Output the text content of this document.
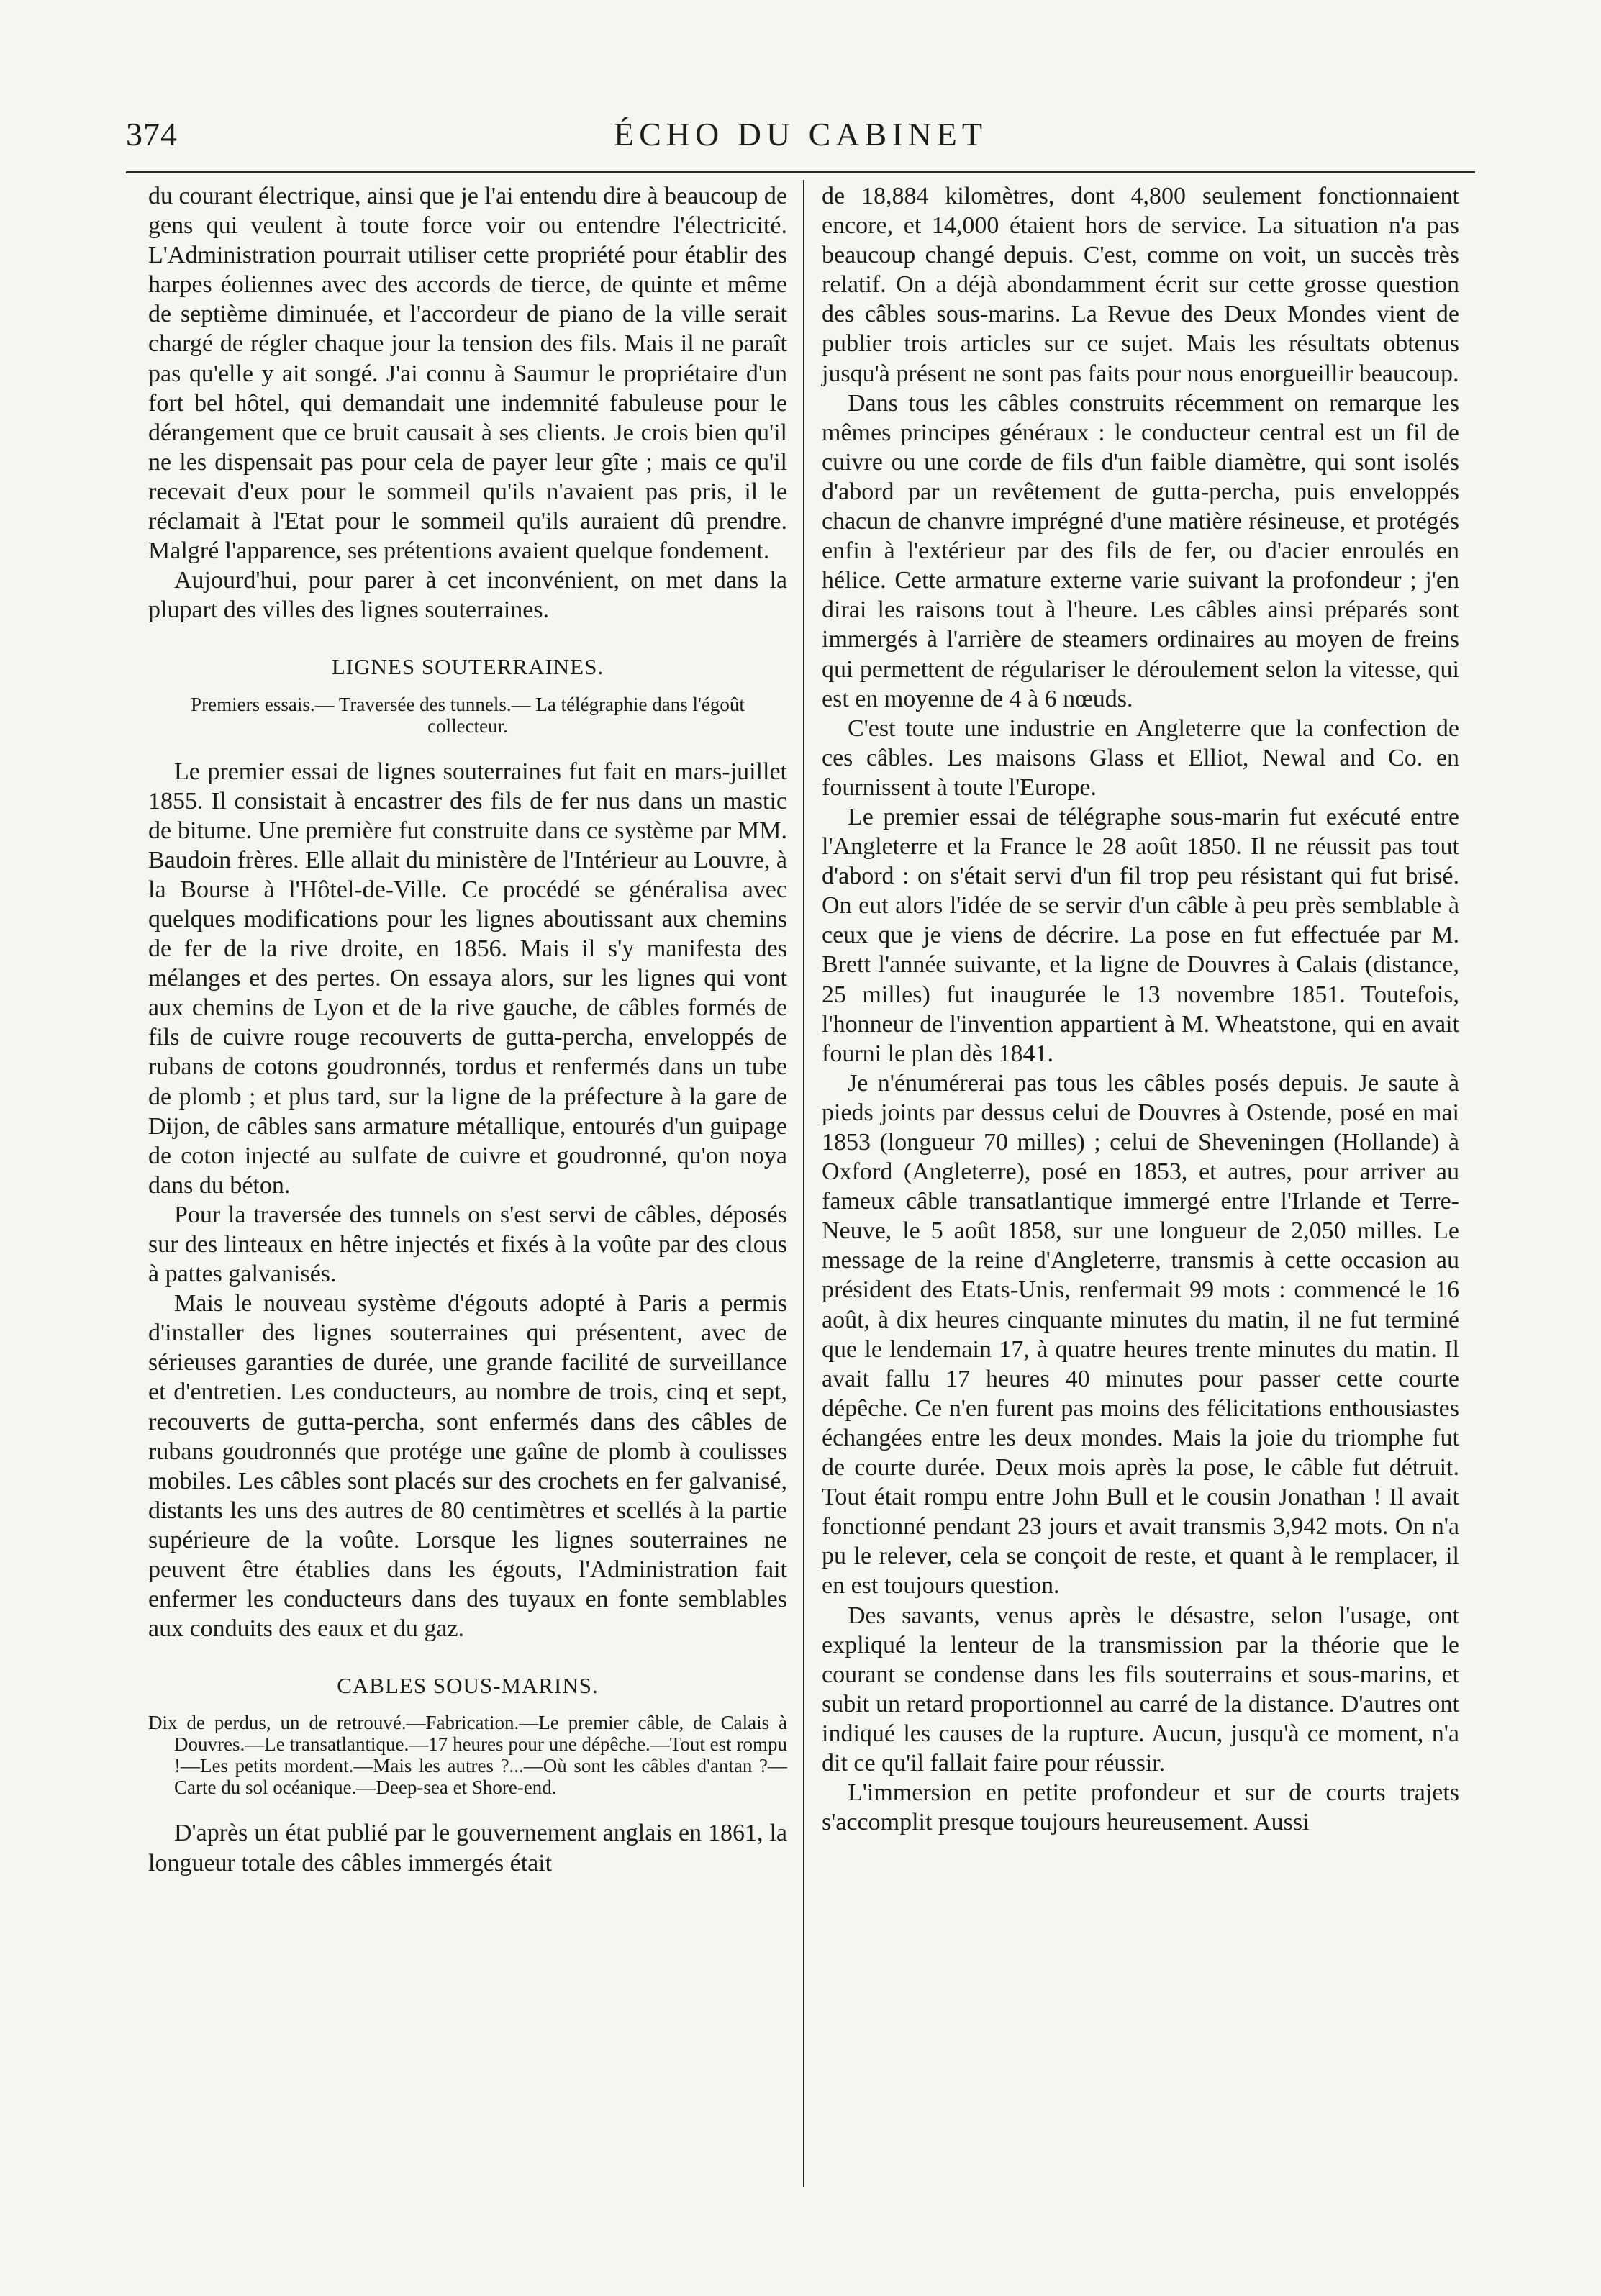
374	ÉCHO DU CABINET

du courant électrique, ainsi que je l'ai entendu dire à beaucoup de gens qui veulent à toute force voir ou entendre l'électricité. L'Administration pourrait utiliser cette propriété pour établir des harpes éoliennes avec des accords de tierce, de quinte et même de septième diminuée, et l'accordeur de piano de la ville serait chargé de régler chaque jour la tension des fils. Mais il ne paraît pas qu'elle y ait songé. J'ai connu à Saumur le propriétaire d'un fort bel hôtel, qui demandait une indemnité fabuleuse pour le dérangement que ce bruit causait à ses clients. Je crois bien qu'il ne les dispensait pas pour cela de payer leur gîte ; mais ce qu'il recevait d'eux pour le sommeil qu'ils n'avaient pas pris, il le réclamait à l'Etat pour le sommeil qu'ils auraient dû prendre. Malgré l'apparence, ses prétentions avaient quelque fondement.

Aujourd'hui, pour parer à cet inconvénient, on met dans la plupart des villes des lignes souterraines.

LIGNES SOUTERRAINES.
Premiers essais.— Traversée des tunnels.— La télégraphie dans l'égoût collecteur.

Le premier essai de lignes souterraines fut fait en mars-juillet 1855. Il consistait à encastrer des fils de fer nus dans un mastic de bitume. Une première fut construite dans ce système par MM. Baudoin frères. Elle allait du ministère de l'Intérieur au Louvre, à la Bourse à l'Hôtel-de-Ville. Ce procédé se généralisa avec quelques modifications pour les lignes aboutissant aux chemins de fer de la rive droite, en 1856. Mais il s'y manifesta des mélanges et des pertes. On essaya alors, sur les lignes qui vont aux chemins de Lyon et de la rive gauche, de câbles formés de fils de cuivre rouge recouverts de gutta-percha, enveloppés de rubans de cotons goudronnés, tordus et renfermés dans un tube de plomb ; et plus tard, sur la ligne de la préfecture à la gare de Dijon, de câbles sans armature métallique, entourés d'un guipage de coton injecté au sulfate de cuivre et goudronné, qu'on noya dans du béton.

Pour la traversée des tunnels on s'est servi de câbles, déposés sur des linteaux en hêtre injectés et fixés à la voûte par des clous à pattes galvanisés.

Mais le nouveau système d'égouts adopté à Paris a permis d'installer des lignes souterraines qui présentent, avec de sérieuses garanties de durée, une grande facilité de surveillance et d'entretien. Les conducteurs, au nombre de trois, cinq et sept, recouverts de gutta-percha, sont enfermés dans des câbles de rubans goudronnés que protége une gaîne de plomb à coulisses mobiles. Les câbles sont placés sur des crochets en fer galvanisé, distants les uns des autres de 80 centimètres et scellés à la partie supérieure de la voûte. Lorsque les lignes souterraines ne peuvent être établies dans les égouts, l'Administration fait enfermer les conducteurs dans des tuyaux en fonte semblables aux conduits des eaux et du gaz.

CABLES SOUS-MARINS.
Dix de perdus, un de retrouvé.—Fabrication.—Le premier câble, de Calais à Douvres.—Le transatlantique.—17 heures pour une dépêche.—Tout est rompu !—Les petits mordent.—Mais les autres ?...—Où sont les câbles d'antan ?—Carte du sol océanique.—Deep-sea et Shore-end.

D'après un état publié par le gouvernement anglais en 1861, la longueur totale des câbles immergés était

de 18,884 kilomètres, dont 4,800 seulement fonctionnaient encore, et 14,000 étaient hors de service. La situation n'a pas beaucoup changé depuis. C'est, comme on voit, un succès très relatif. On a déjà abondamment écrit sur cette grosse question des câbles sous-marins. La Revue des Deux Mondes vient de publier trois articles sur ce sujet. Mais les résultats obtenus jusqu'à présent ne sont pas faits pour nous enorgueillir beaucoup.

Dans tous les câbles construits récemment on remarque les mêmes principes généraux : le conducteur central est un fil de cuivre ou une corde de fils d'un faible diamètre, qui sont isolés d'abord par un revêtement de gutta-percha, puis enveloppés chacun de chanvre imprégné d'une matière résineuse, et protégés enfin à l'extérieur par des fils de fer, ou d'acier enroulés en hélice. Cette armature externe varie suivant la profondeur ; j'en dirai les raisons tout à l'heure. Les câbles ainsi préparés sont immergés à l'arrière de steamers ordinaires au moyen de freins qui permettent de régulariser le déroulement selon la vitesse, qui est en moyenne de 4 à 6 nœuds.

C'est toute une industrie en Angleterre que la confection de ces câbles. Les maisons Glass et Elliot, Newal and Co. en fournissent à toute l'Europe.

Le premier essai de télégraphe sous-marin fut exécuté entre l'Angleterre et la France le 28 août 1850. Il ne réussit pas tout d'abord : on s'était servi d'un fil trop peu résistant qui fut brisé. On eut alors l'idée de se servir d'un câble à peu près semblable à ceux que je viens de décrire. La pose en fut effectuée par M. Brett l'année suivante, et la ligne de Douvres à Calais (distance, 25 milles) fut inaugurée le 13 novembre 1851. Toutefois, l'honneur de l'invention appartient à M. Wheatstone, qui en avait fourni le plan dès 1841.

Je n'énumérerai pas tous les câbles posés depuis. Je saute à pieds joints par dessus celui de Douvres à Ostende, posé en mai 1853 (longueur 70 milles) ; celui de Sheveningen (Hollande) à Oxford (Angleterre), posé en 1853, et autres, pour arriver au fameux câble transatlantique immergé entre l'Irlande et Terre-Neuve, le 5 août 1858, sur une longueur de 2,050 milles. Le message de la reine d'Angleterre, transmis à cette occasion au président des Etats-Unis, renfermait 99 mots : commencé le 16 août, à dix heures cinquante minutes du matin, il ne fut terminé que le lendemain 17, à quatre heures trente minutes du matin. Il avait fallu 17 heures 40 minutes pour passer cette courte dépêche. Ce n'en furent pas moins des félicitations enthousiastes échangées entre les deux mondes. Mais la joie du triomphe fut de courte durée. Deux mois après la pose, le câble fut détruit. Tout était rompu entre John Bull et le cousin Jonathan ! Il avait fonctionné pendant 23 jours et avait transmis 3,942 mots. On n'a pu le relever, cela se conçoit de reste, et quant à le remplacer, il en est toujours question.

Des savants, venus après le désastre, selon l'usage, ont expliqué la lenteur de la transmission par la théorie que le courant se condense dans les fils souterrains et sous-marins, et subit un retard proportionnel au carré de la distance. D'autres ont indiqué les causes de la rupture. Aucun, jusqu'à ce moment, n'a dit ce qu'il fallait faire pour réussir.

L'immersion en petite profondeur et sur de courts trajets s'accomplit presque toujours heureusement. Aussi
